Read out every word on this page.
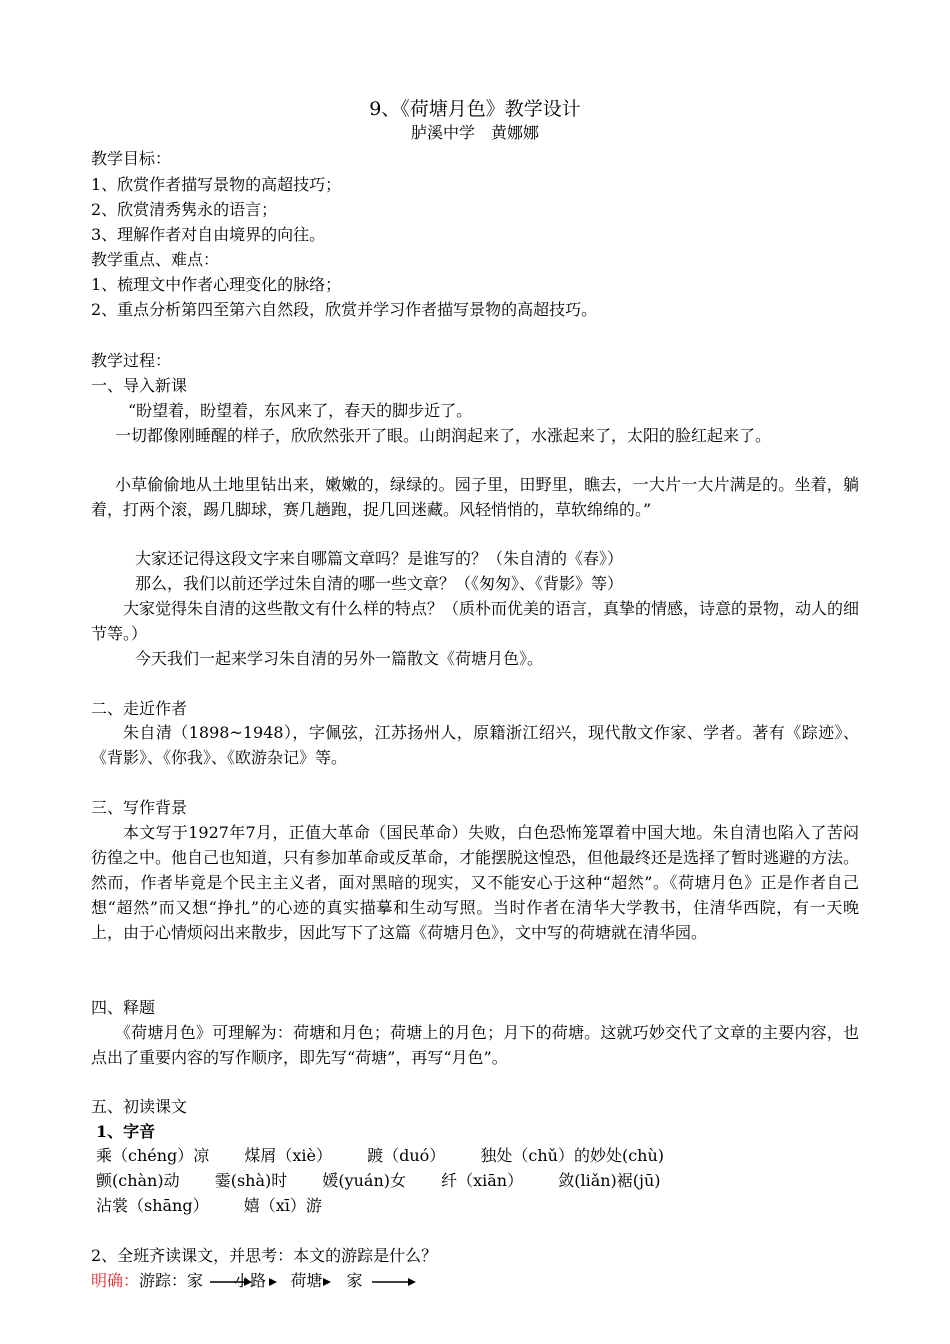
9、《荷塘月色》教学设计
胪溪中学　黄娜娜
教学目标：
1、欣赏作者描写景物的高超技巧；
2、欣赏清秀隽永的语言；
3、理解作者对自由境界的向往。
教学重点、难点：
1、梳理文中作者心理变化的脉络；
2、重点分析第四至第六自然段，欣赏并学习作者描写景物的高超技巧。
教学过程：
一、导入新课
“盼望着，盼望着，东风来了，春天的脚步近了。
一切都像刚睡醒的样子，欣欣然张开了眼。山朗润起来了，水涨起来了，太阳的脸红起来了。
小草偷偷地从土地里钻出来，嫩嫩的，绿绿的。园子里，田野里，瞧去，一大片一大片满是的。坐着，躺着，打两个滚，踢几脚球，赛几趟跑，捉几回迷藏。风轻悄悄的，草软绵绵的。”
大家还记得这段文字来自哪篇文章吗？是谁写的？（朱自清的《春》）
那么，我们以前还学过朱自清的哪一些文章？（《匆匆》、《背影》等）
大家觉得朱自清的这些散文有什么样的特点？（质朴而优美的语言，真挚的情感，诗意的景物，动人的细节等。）
今天我们一起来学习朱自清的另外一篇散文《荷塘月色》。
二、走近作者
朱自清（1898~1948），字佩弦，江苏扬州人，原籍浙江绍兴，现代散文作家、学者。著有《踪迹》、《背影》、《你我》、《欧游杂记》等。
三、写作背景
本文写于1927年7月，正值大革命（国民革命）失败，白色恐怖笼罩着中国大地。朱自清也陷入了苦闷彷徨之中。他自己也知道，只有参加革命或反革命，才能摆脱这惶恐，但他最终还是选择了暂时逃避的方法。然而，作者毕竟是个民主主义者，面对黑暗的现实，又不能安心于这种“超然”。《荷塘月色》正是作者自己想“超然”而又想“挣扎”的心迹的真实描摹和生动写照。当时作者在清华大学教书，住清华西院，有一天晚上，由于心情烦闷出来散步，因此写下了这篇《荷塘月色》，文中写的荷塘就在清华园。
四、释题
《荷塘月色》可理解为：荷塘和月色；荷塘上的月色；月下的荷塘。这就巧妙交代了文章的主要内容，也点出了重要内容的写作顺序，即先写“荷塘”，再写“月色”。
五、初读课文
1、字音
乘（chéng）凉 煤屑（xiè） 踱（duó） 独处（chǔ）的妙处(chù)
颤(chàn)动 霎(shà)时 媛(yuán)女 纤（xiān） 敛(liǎn)裾(jū)
沾裳（shāng） 嬉（xī）游
2、全班齐读课文，并思考：本文的游踪是什么？
明确：游踪：家 小路 荷塘 家
